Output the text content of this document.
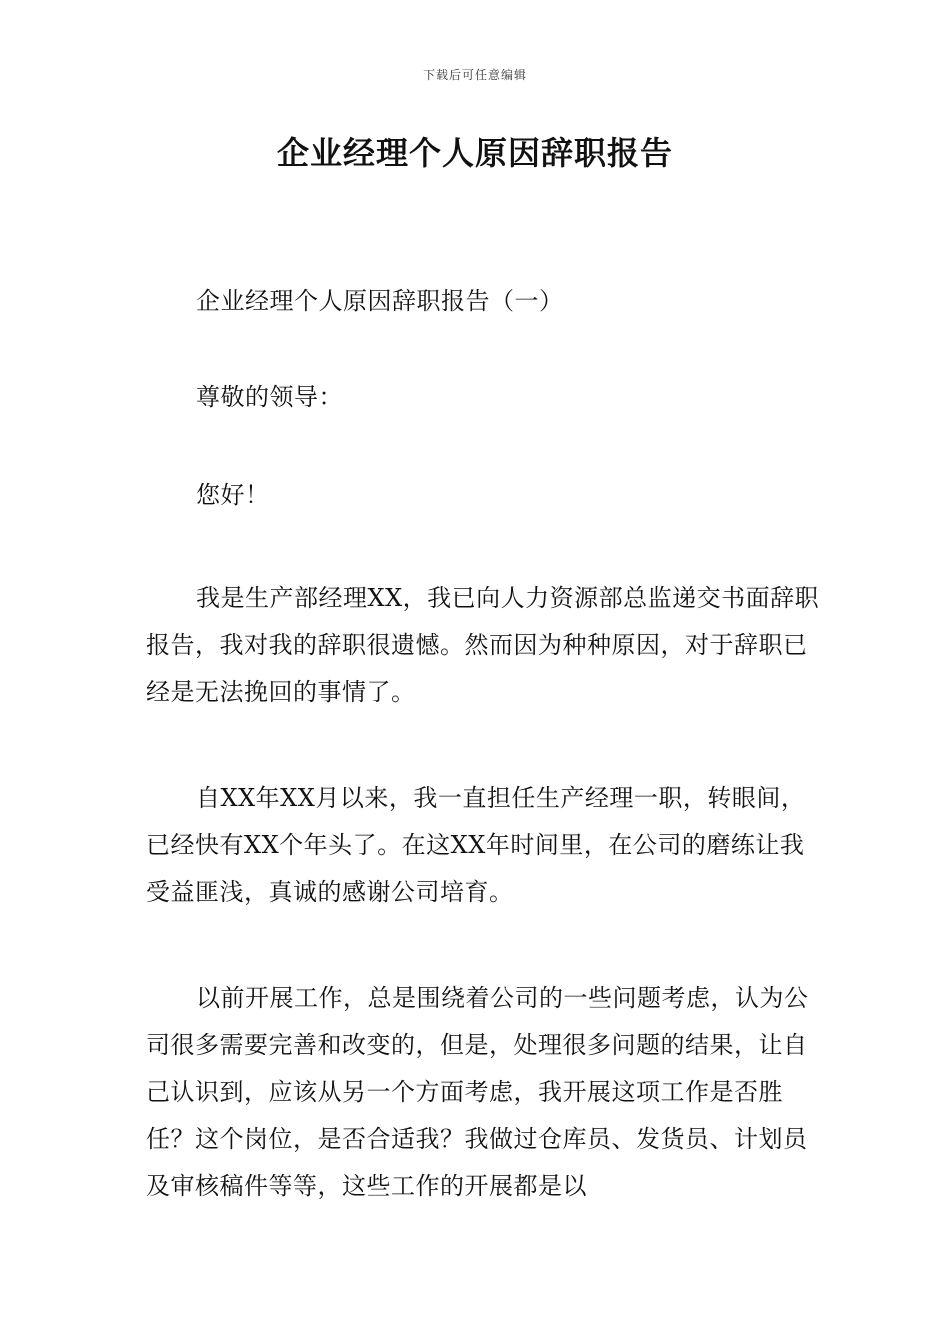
下载后可任意编辑
企业经理个人原因辞职报告

企业经理个人原因辞职报告（一）

尊敬的领导：

您好！

我是生产部经理XX，我已向人力资源部总监递交书面辞职报告，我对我的辞职很遗憾。然而因为种种原因，对于辞职已经是无法挽回的事情了。

自XX年XX月以来，我一直担任生产经理一职，转眼间，已经快有XX个年头了。在这XX年时间里，在公司的磨练让我受益匪浅，真诚的感谢公司培育。

以前开展工作，总是围绕着公司的一些问题考虑，认为公司很多需要完善和改变的，但是，处理很多问题的结果，让自己认识到，应该从另一个方面考虑，我开展这项工作是否胜任？这个岗位，是否合适我？我做过仓库员、发货员、计划员及审核稿件等等，这些工作的开展都是以
